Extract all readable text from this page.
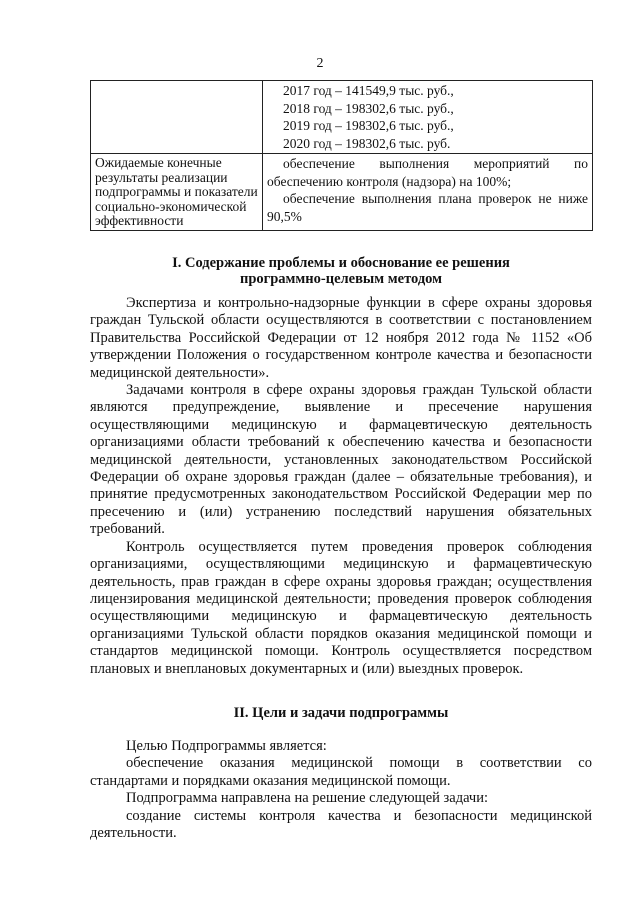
2

	2017 год – 141549,9 тыс. руб.,
2018 год – 198302,6 тыс. руб.,
2019 год – 198302,6 тыс. руб.,
2020 год – 198302,6 тыс. руб.

Ожидаемые конечные результаты реализации подпрограммы и показатели социально-экономической эффективности	обеспечение выполнения мероприятий по обеспечению контроля (надзора) на 100%;
обеспечение выполнения плана проверок не ниже 90,5%
I. Содержание проблемы и обоснование ее решения
программно-целевым методом

Экспертиза и контрольно-надзорные функции в сфере охраны здоровья граждан Тульской области осуществляются в соответствии с постановлением Правительства Российской Федерации от 12 ноября 2012 года № 1152 «Об утверждении Положения о государственном контроле качества и безопасности медицинской деятельности».

Задачами контроля в сфере охраны здоровья граждан Тульской области являются предупреждение, выявление и пресечение нарушения осуществляющими медицинскую и фармацевтическую деятельность организациями области требований к обеспечению качества и безопасности медицинской деятельности, установленных законодательством Российской Федерации об охране здоровья граждан (далее – обязательные требования), и принятие предусмотренных законодательством Российской Федерации мер по пресечению и (или) устранению последствий нарушения обязательных требований.

Контроль осуществляется путем проведения проверок соблюдения организациями, осуществляющими медицинскую и фармацевтическую деятельность, прав граждан в сфере охраны здоровья граждан; осуществления лицензирования медицинской деятельности; проведения проверок соблюдения осуществляющими медицинскую и фармацевтическую деятельность организациями Тульской области порядков оказания медицинской помощи и стандартов медицинской помощи. Контроль осуществляется посредством плановых и внеплановых документарных и (или) выездных проверок.

II. Цели и задачи подпрограммы

Целью Подпрограммы является:

обеспечение оказания медицинской помощи в соответствии со стандартами и порядками оказания медицинской помощи.

Подпрограмма направлена на решение следующей задачи:

создание системы контроля качества и безопасности медицинской деятельности.
